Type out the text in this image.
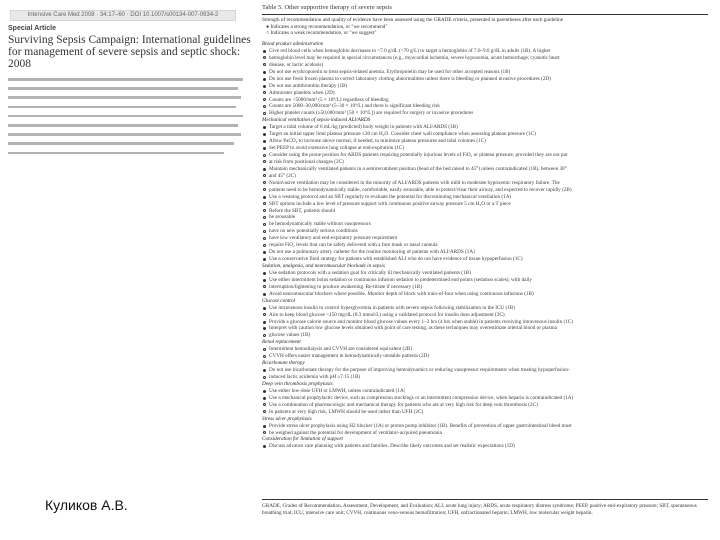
Intensive Care Med 2008 · 34:17–60 · DOI 10.1007/s00134-007-0934-2
Special Article
Surviving Sepsis Campaign: International guidelines for management of severe sepsis and septic shock: 2008
Куликов А.В.
Table 5. Other supportive therapy of severe sepsis
Strength of recommendation and quality of evidence have been assessed using the GRADE criteria, presented in parentheses after each guideline
● Indicates a strong recommendation, or "we recommend"
○ Indicates a weak recommendation, or "we suggest"
Blood product administration
Give red blood cells when hemoglobin decreases to <7.0 g/dL (<70 g/L) to target a hemoglobin of 7.0–9.0 g/dL in adults (1B). A higher
hemoglobin level may be required in special circumstances (e.g., myocardial ischemia, severe hypoxemia, acute hemorrhage, cyanotic heart
disease, or lactic acidosis)
Do not use erythropoietin to treat sepsis-related anemia. Erythropoietin may be used for other accepted reasons (1B)
Do not use fresh frozen plasma to correct laboratory clotting abnormalities unless there is bleeding or planned invasive procedures (2D)
Do not use antithrombin therapy (1B)
Administer platelets when (2D)
Counts are <5000/mm³ (5 × 10⁹/L) regardless of bleeding
Counts are 5000–30,000/mm³ (5–30 × 10⁹/L) and there is significant bleeding risk
Higher platelet counts (≥50,000/mm³ [50 × 10⁹/L]) are required for surgery or invasive procedures
Mechanical ventilation of sepsis-induced ALI/ARDS
Target a tidal volume of 6 mL/kg (predicted) body weight in patients with ALI/ARDS (1B)
Target an initial upper limit plateau pressure ≤30 cm H₂O. Consider chest wall compliance when assessing plateau pressure (1C)
Allow PaCO₂ to increase above normal, if needed, to minimize plateau pressures and tidal volumes (1C)
Set PEEP to avoid extensive lung collapse at end-expiration (1C)
Consider using the prone position for ARDS patients requiring potentially injurious levels of FiO₂ or plateau pressure, provided they are not put
at risk from positional changes (2C)
Maintain mechanically ventilated patients in a semirecumbent position (head of the bed raised to 45°) unless contraindicated (1B), between 30°
and 45° (2C)
Noninvasive ventilation may be considered in the minority of ALI/ARDS patients with mild to moderate hypoxemic respiratory failure. The
patients need to be hemodynamically stable, comfortable, easily arousable, able to protect/clear their airway, and expected to recover rapidly (2B)
Use a weaning protocol and an SBT regularly to evaluate the potential for discontinuing mechanical ventilation (1A)
SBT options include a low level of pressure support with continuous positive airway pressure 5 cm H₂O or a T piece
Before the SBT, patients should
be arousable
be hemodynamically stable without vasopressors
have no new potentially serious conditions
have low ventilatory and end-expiratory pressure requirement
require FiO₂ levels that can be safely delivered with a face mask or nasal cannula
Do not use a pulmonary artery catheter for the routine monitoring of patients with ALI/ARDS (1A)
Use a conservative fluid strategy for patients with established ALI who do not have evidence of tissue hypoperfusion (1C)
Sedation, analgesia, and neuromuscular blockade in sepsis
Use sedation protocols with a sedation goal for critically ill mechanically ventilated patients (1B)
Use either intermittent bolus sedation or continuous infusion sedation to predetermined end points (sedation scales), with daily
interruption/lightening to produce awakening. Re-titrate if necessary (1B)
Avoid neuromuscular blockers where possible. Monitor depth of block with train-of-four when using continuous infusions (1B)
Glucose control
Use intravenous insulin to control hyperglycemia in patients with severe sepsis following stabilization in the ICU (1B)
Aim to keep blood glucose <150 mg/dL (8.3 mmol/L) using a validated protocol for insulin dose adjustment (2C)
Provide a glucose calorie source and monitor blood glucose values every 1–2 hrs (4 hrs when stable) in patients receiving intravenous insulin (1C)
Interpret with caution low glucose levels obtained with point of care testing, as these techniques may overestimate arterial blood or plasma
glucose values (1B)
Renal replacement
Intermittent hemodialysis and CVVH are considered equivalent (2B)
CVVH offers easier management in hemodynamically unstable patients (2D)
Bicarbonate therapy
Do not use bicarbonate therapy for the purpose of improving hemodynamics or reducing vasopressor requirements when treating hypoperfusion-
induced lactic acidemia with pH ≥7.15 (1B)
Deep vein thrombosis prophylaxis
Use either low-dose UFH or LMWH, unless contraindicated (1A)
Use a mechanical prophylactic device, such as compression stockings or an intermittent compression device, when heparin is contraindicated (1A)
Use a combination of pharmacologic and mechanical therapy for patients who are at very high risk for deep vein thrombosis (2C)
In patients at very high risk, LMWH should be used rather than UFH (2C)
Stress ulcer prophylaxis
Provide stress ulcer prophylaxis using H2 blocker (1A) or proton pump inhibitor (1B). Benefits of prevention of upper gastrointestinal bleed must
be weighed against the potential for development of ventilator-acquired pneumonia
Consideration for limitation of support
Discuss advance care planning with patients and families. Describe likely outcomes and set realistic expectations (1D)
GRADE, Grades of Recommendation, Assessment, Development, and Evaluation; ALI, acute lung injury; ARDS, acute respiratory distress syndrome; PEEP, positive end-expiratory pressure; SBT, spontaneous breathing trial; ICU, intensive care unit; CVVH, continuous veno-venous hemofiltration; UFH, unfractionated heparin; LMWH, low molecular weight heparin.
